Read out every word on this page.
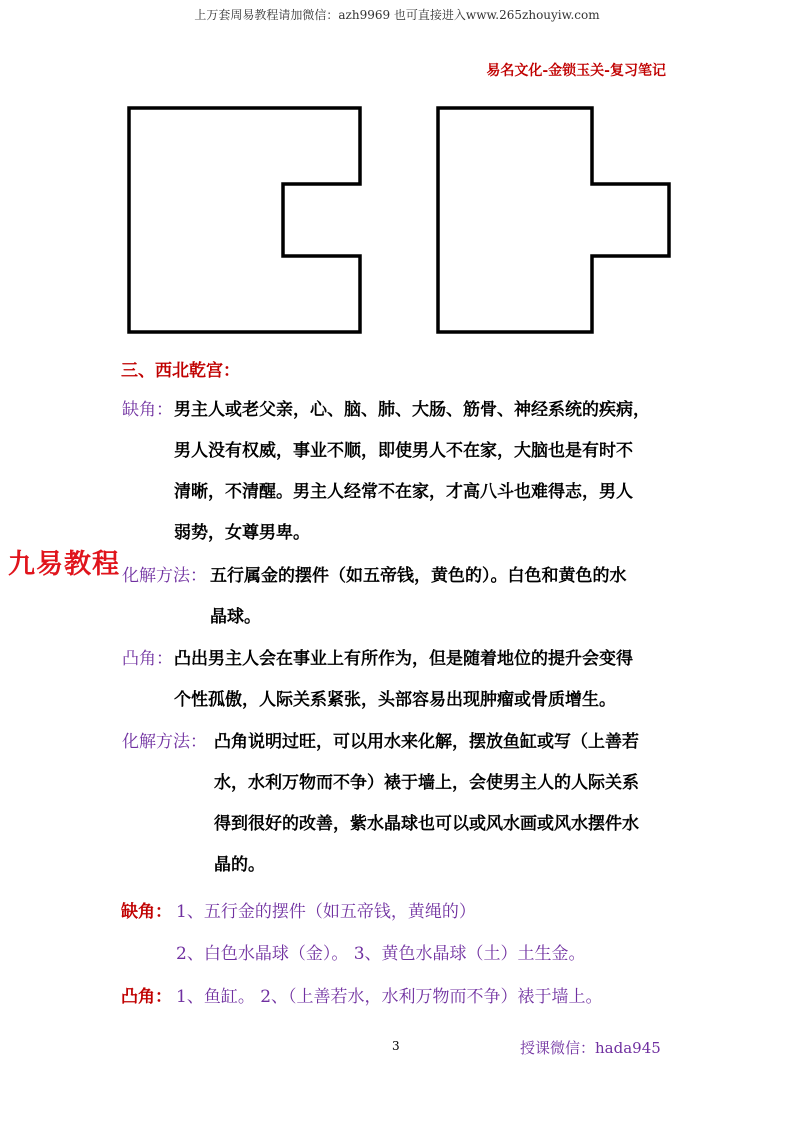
上万套周易教程请加微信：azh9969 也可直接进入www.265zhouyiw.com
易名文化-金锁玉关-复习笔记
三、西北乾宫：
缺角： 男主人或老父亲，心、脑、肺、大肠、筋骨、神经系统的疾病，
男人没有权威，事业不顺，即使男人不在家，大脑也是有时不
清晰，不清醒。男主人经常不在家，才高八斗也难得志，男人
弱势，女尊男卑。
化解方法： 五行属金的摆件（如五帝钱，黄色的）。白色和黄色的水
晶球。
凸角： 凸出男主人会在事业上有所作为，但是随着地位的提升会变得
个性孤傲，人际关系紧张，头部容易出现肿瘤或骨质增生。
化解方法： 凸角说明过旺，可以用水来化解，摆放鱼缸或写（上善若
水，水利万物而不争）裱于墙上，会使男主人的人际关系
得到很好的改善，紫水晶球也可以或风水画或风水摆件水
晶的。
缺角： 1、五行金的摆件（如五帝钱，黄绳的）
2、白色水晶球（金）。 3、黄色水晶球（土）土生金。
凸角： 1、鱼缸。 2、（上善若水，水利万物而不争）裱于墙上。
九易教程
3	授课微信：hada945
